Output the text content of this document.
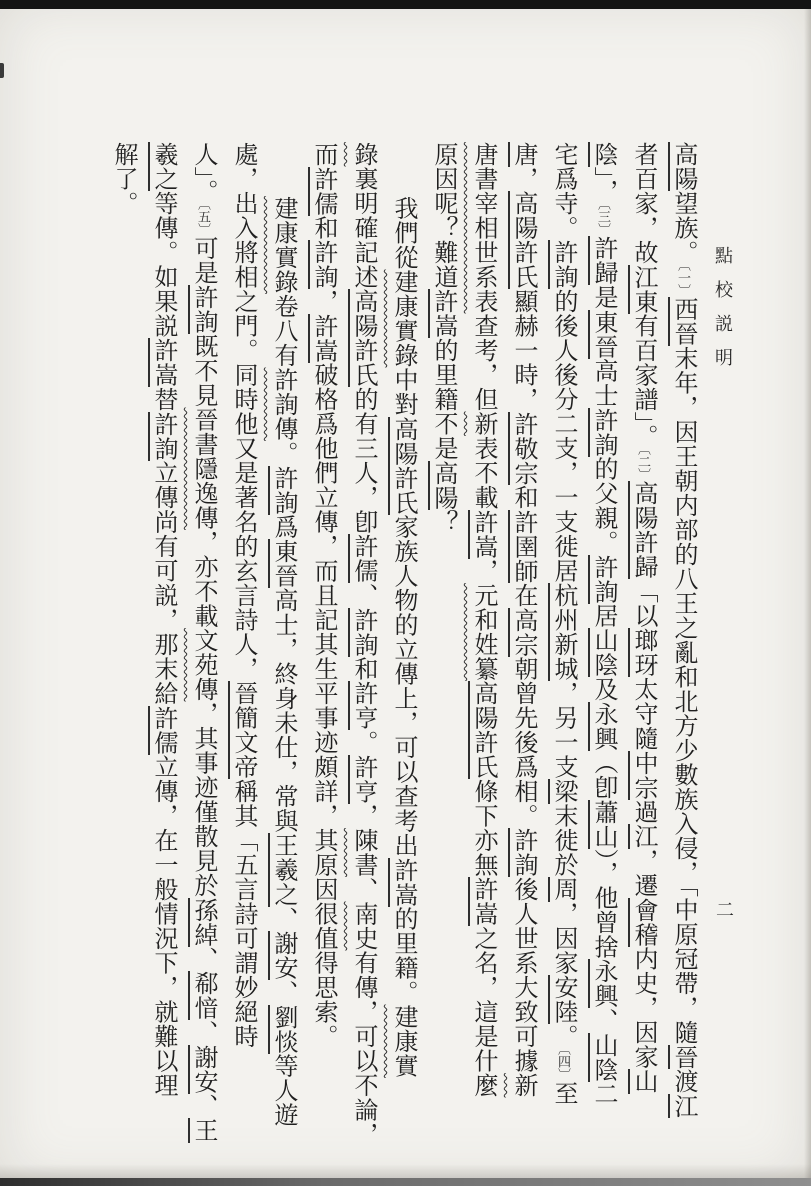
點校説明
二
高陽望族。〔一〕西晉末年，因王朝内部的八王之亂和北方少數族入侵，「中原冠帶，隨晉渡江
者百家，故江東有百家譜」。〔二〕高陽許歸「以瑯玡太守隨中宗過江，遷會稽内史，因家山
陰」，〔三〕許歸是東晉高士許詢的父親。許詢居山陰及永興（卽蕭山），他曾捨永興、山陰二
宅爲寺。許詢的後人後分二支，一支徙居杭州新城，另一支梁末徙於周，因家安陸。〔四〕至
唐，高陽許氏顯赫一時，許敬宗和許圉師在高宗朝曾先後爲相。許詢後人世系大致可據新
唐書宰相世系表查考，但新表不載許嵩，元和姓纂高陽許氏條下亦無許嵩之名，這是什麼
原因呢？難道許嵩的里籍不是高陽？
我們從建康實錄中對高陽許氏家族人物的立傳上，可以查考出許嵩的里籍。建康實
錄裏明確記述高陽許氏的有三人，卽許儒、許詢和許亨。許亨，陳書、南史有傳，可以不論，
而許儒和許詢，許嵩破格爲他們立傳，而且記其生平事迹頗詳，其原因很值得思索。
建康實錄卷八有許詢傳。許詢爲東晉高士，終身未仕，常與王羲之、謝安、劉惔等人遊
處，出入將相之門。同時他又是著名的玄言詩人，晉簡文帝稱其「五言詩可謂妙絕時
人」。〔五〕可是許詢既不見晉書隱逸傳，亦不載文苑傳，其事迹僅散見於孫綽、郗愔、謝安、王
羲之等傳。如果説許嵩替許詢立傳尚有可説，那末給許儒立傳，在一般情況下，就難以理
解了。
